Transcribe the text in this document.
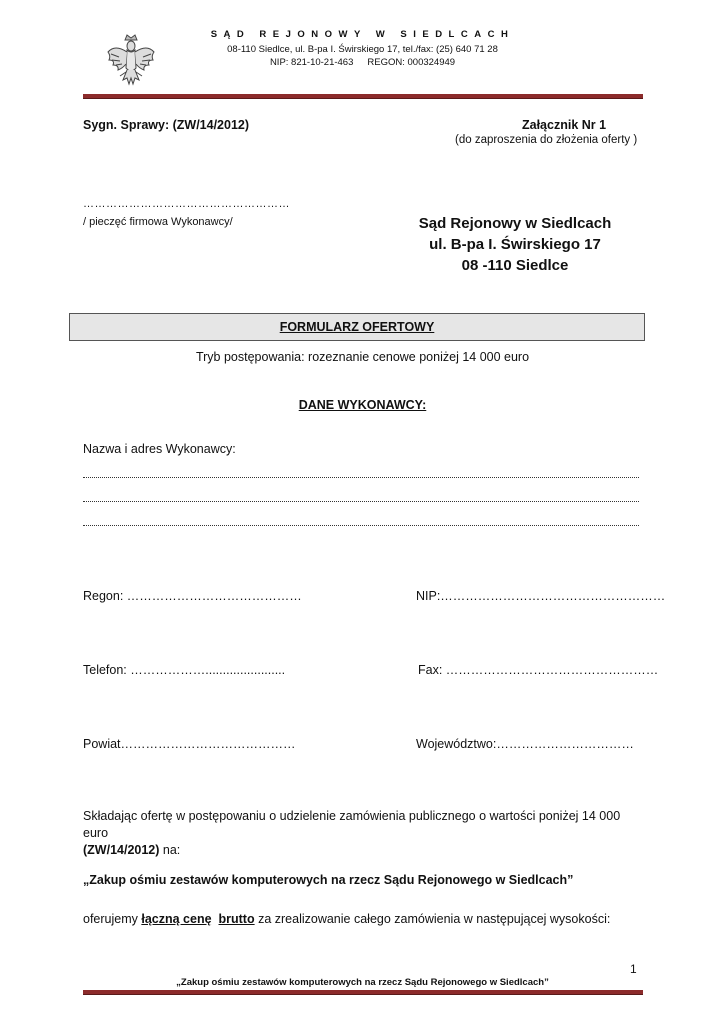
SĄD REJONOWY W SIEDLCACH
08-110 Siedlce, ul. B-pa I. Świrskiego 17, tel./fax: (25) 640 71 28
NIP: 821-10-21-463 REGON: 000324949
Sygn. Sprawy: (ZW/14/2012)	Załącznik Nr 1
(do zaproszenia do złożenia oferty )
………………………………………………
/ pieczęć firmowa Wykonawcy/	Sąd Rejonowy w Siedlcach
ul. B-pa I. Świrskiego 17
08 -110 Siedlce
FORMULARZ OFERTOWY
Tryb postępowania: rozeznanie cenowe poniżej 14 000 euro
DANE WYKONAWCY:
Nazwa i adres Wykonawcy:
Regon: ……………………………………	NIP:………………………………………………
Telefon: ……………….......................	Fax: ……………………………………………
Powiat……………………………………	Województwo:……………………………
Składając ofertę w postępowaniu o udzielenie zamówienia publicznego o wartości poniżej 14 000 euro
(ZW/14/2012) na:
„Zakup ośmiu zestawów komputerowych na rzecz Sądu Rejonowego w Siedlcach”
oferujemy łączną cenę brutto za zrealizowanie całego zamówienia w następującej wysokości:
1
„Zakup ośmiu zestawów komputerowych na rzecz Sądu Rejonowego w Siedlcach”
